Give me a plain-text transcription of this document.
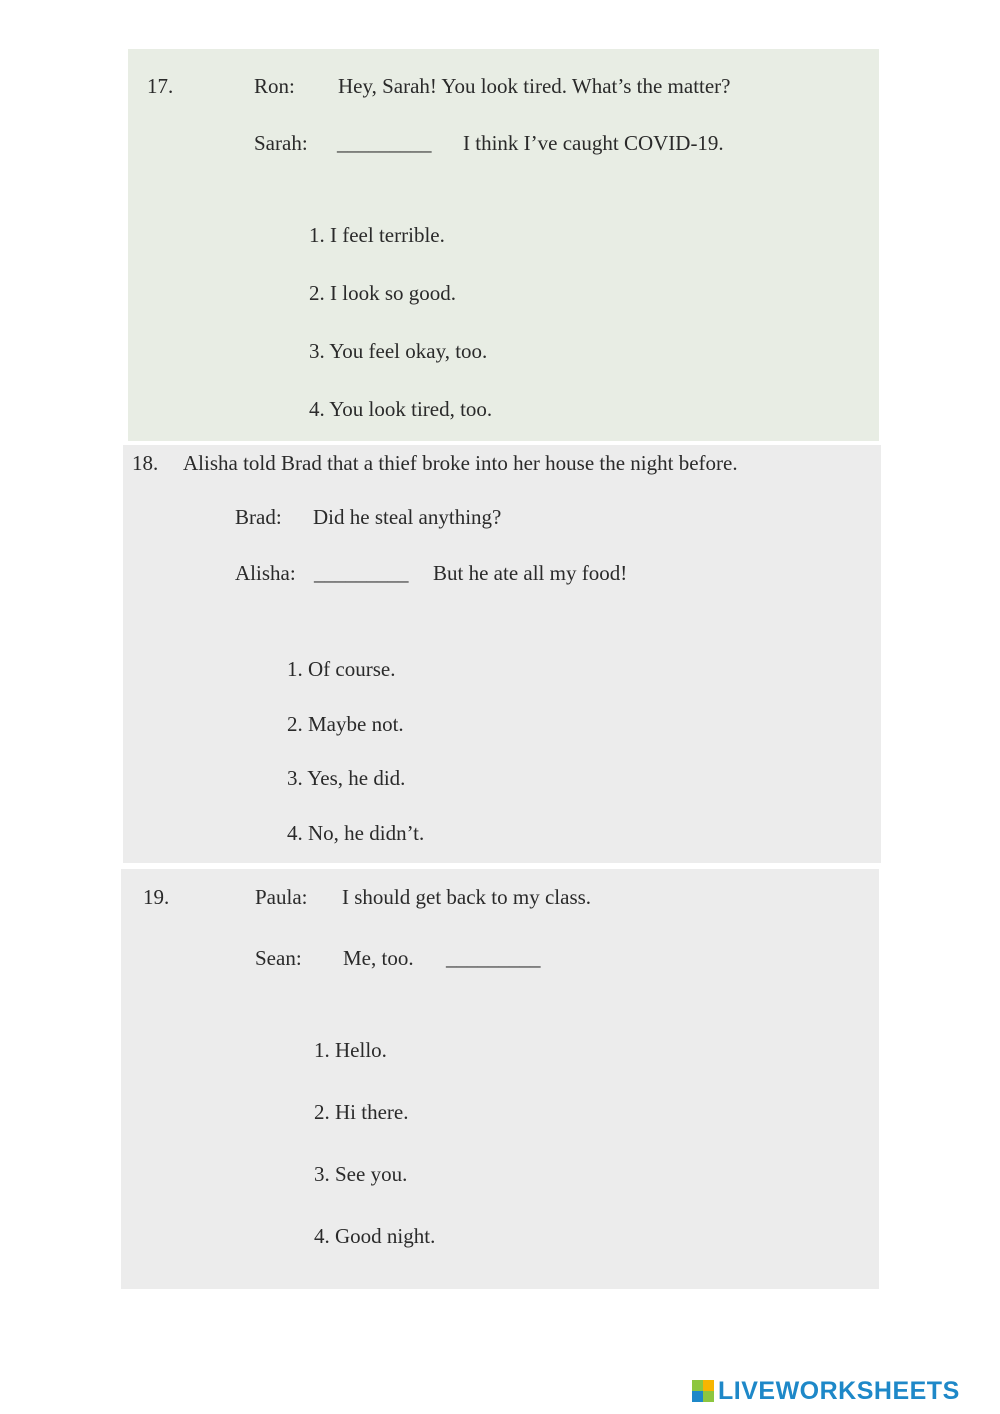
17.	Ron: Hey, Sarah! You look tired. What’s the matter?
Sarah: _________ I think I’ve caught COVID-19.
1. I feel terrible.
2. I look so good.
3. You feel okay, too.
4. You look tired, too.
18. Alisha told Brad that a thief broke into her house the night before.
Brad: Did he steal anything?
Alisha: _________ But he ate all my food!
1. Of course.
2. Maybe not.
3. Yes, he did.
4. No, he didn’t.
19.	Paula: I should get back to my class.
Sean: Me, too. _________
1. Hello.
2. Hi there.
3. See you.
4. Good night.
LIVEWORKSHEETS
